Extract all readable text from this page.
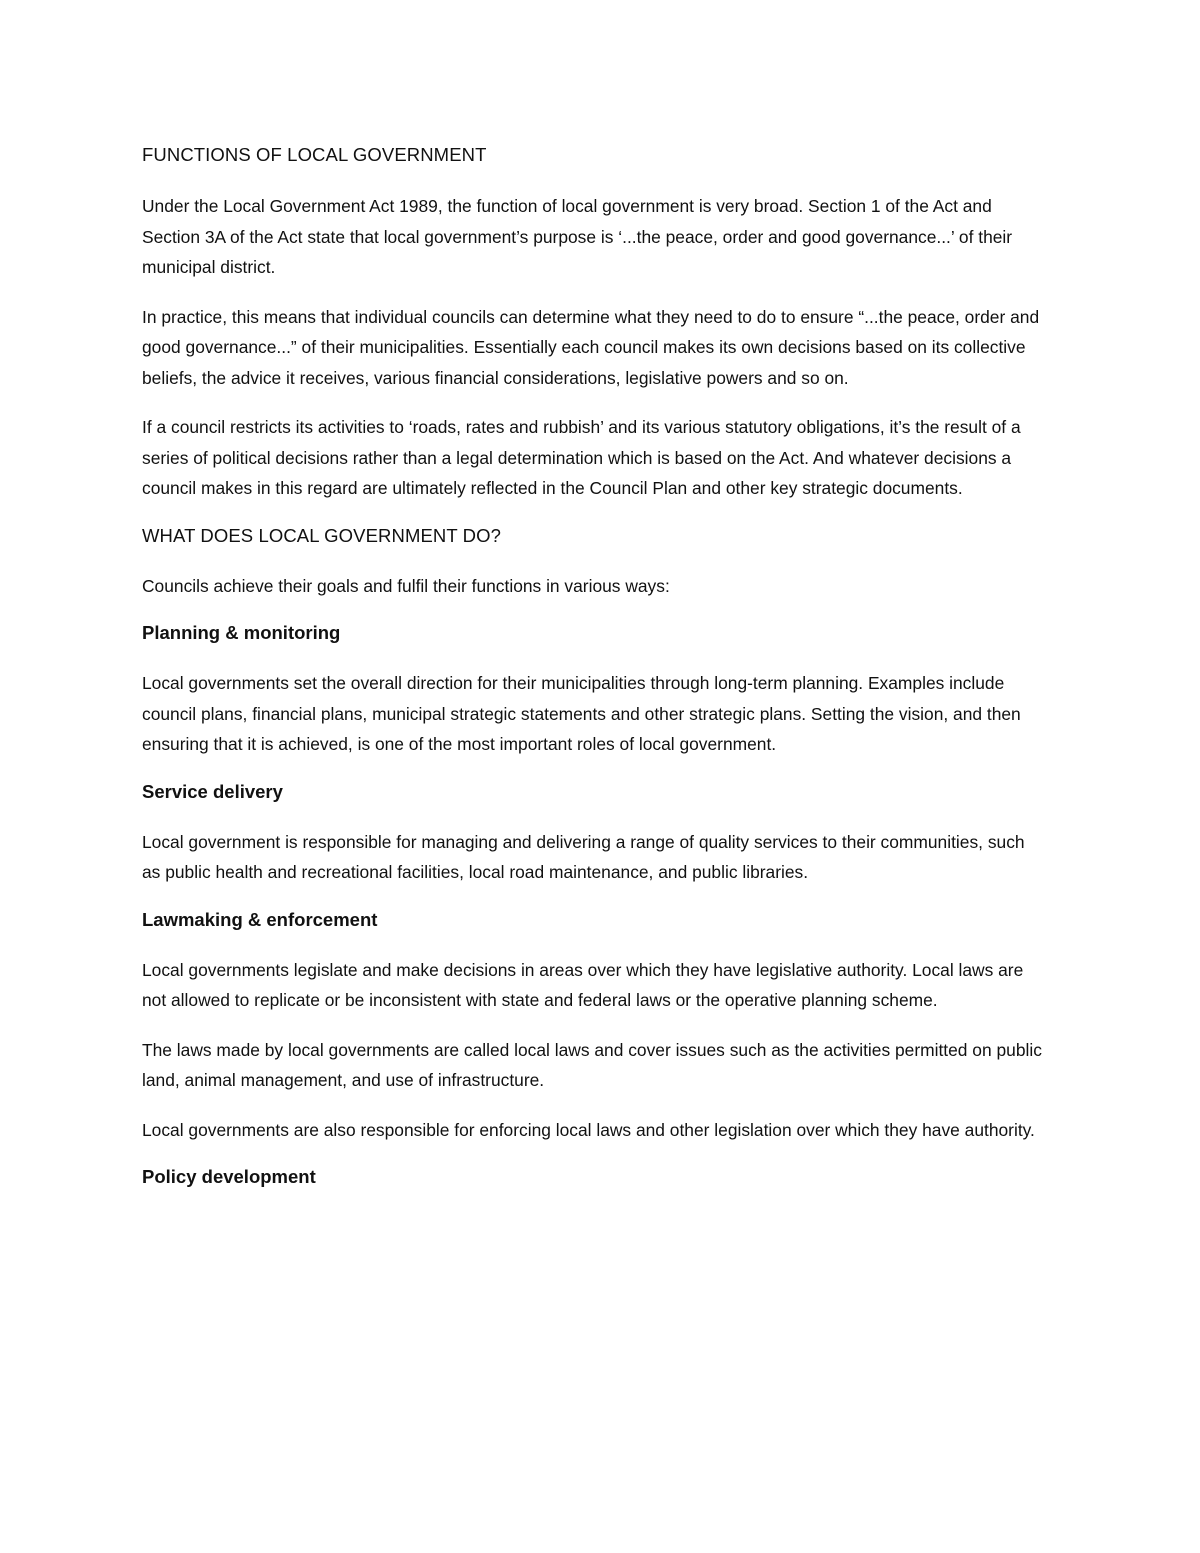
FUNCTIONS OF LOCAL GOVERNMENT

Under the Local Government Act 1989, the function of local government is very broad. Section 1 of the Act and Section 3A of the Act state that local government’s purpose is ‘...the peace, order and good governance...’ of their municipal district.

In practice, this means that individual councils can determine what they need to do to ensure “...the peace, order and good governance...” of their municipalities. Essentially each council makes its own decisions based on its collective beliefs, the advice it receives, various financial considerations, legislative powers and so on.

If a council restricts its activities to ‘roads, rates and rubbish’ and its various statutory obligations, it’s the result of a series of political decisions rather than a legal determination which is based on the Act. And whatever decisions a council makes in this regard are ultimately reflected in the Council Plan and other key strategic documents.

WHAT DOES LOCAL GOVERNMENT DO?

Councils achieve their goals and fulfil their functions in various ways:

Planning & monitoring

Local governments set the overall direction for their municipalities through long-term planning. Examples include council plans, financial plans, municipal strategic statements and other strategic plans. Setting the vision, and then ensuring that it is achieved, is one of the most important roles of local government.

Service delivery

Local government is responsible for managing and delivering a range of quality services to their communities, such as public health and recreational facilities, local road maintenance, and public libraries.

Lawmaking & enforcement

Local governments legislate and make decisions in areas over which they have legislative authority. Local laws are not allowed to replicate or be inconsistent with state and federal laws or the operative planning scheme.

The laws made by local governments are called local laws and cover issues such as the activities permitted on public land, animal management, and use of infrastructure.

Local governments are also responsible for enforcing local laws and other legislation over which they have authority.

Policy development
